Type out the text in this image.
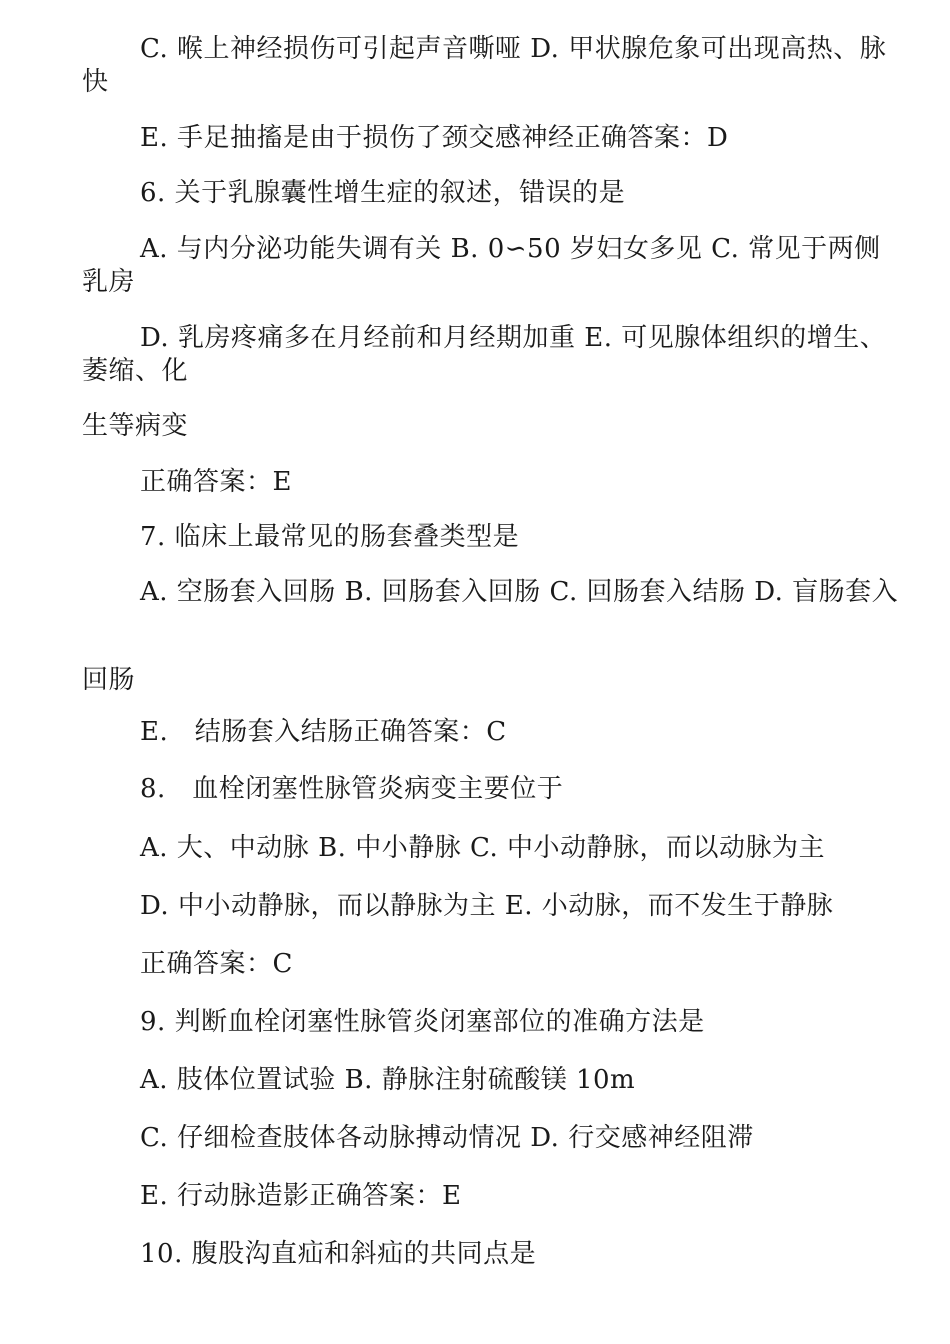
C. 喉上神经损伤可引起声音嘶哑 D. 甲状腺危象可出现高热、脉快
E. 手足抽搐是由于损伤了颈交感神经正确答案：D
6. 关于乳腺囊性增生症的叙述，错误的是
A. 与内分泌功能失调有关 B. 0∽50 岁妇女多见 C. 常见于两侧乳房
D. 乳房疼痛多在月经前和月经期加重 E. 可见腺体组织的增生、萎缩、化
生等病变
正确答案：E
7. 临床上最常见的肠套叠类型是
A. 空肠套入回肠 B. 回肠套入回肠 C. 回肠套入结肠 D. 盲肠套入
回肠
E.　结肠套入结肠正确答案：C
8.　血栓闭塞性脉管炎病变主要位于
A. 大、中动脉 B. 中小静脉 C. 中小动静脉，而以动脉为主
D. 中小动静脉，而以静脉为主 E. 小动脉，而不发生于静脉
正确答案：C
9. 判断血栓闭塞性脉管炎闭塞部位的准确方法是
A. 肢体位置试验 B. 静脉注射硫酸镁 10m
C. 仔细检查肢体各动脉搏动情况 D. 行交感神经阻滞
E. 行动脉造影正确答案：E
10. 腹股沟直疝和斜疝的共同点是
